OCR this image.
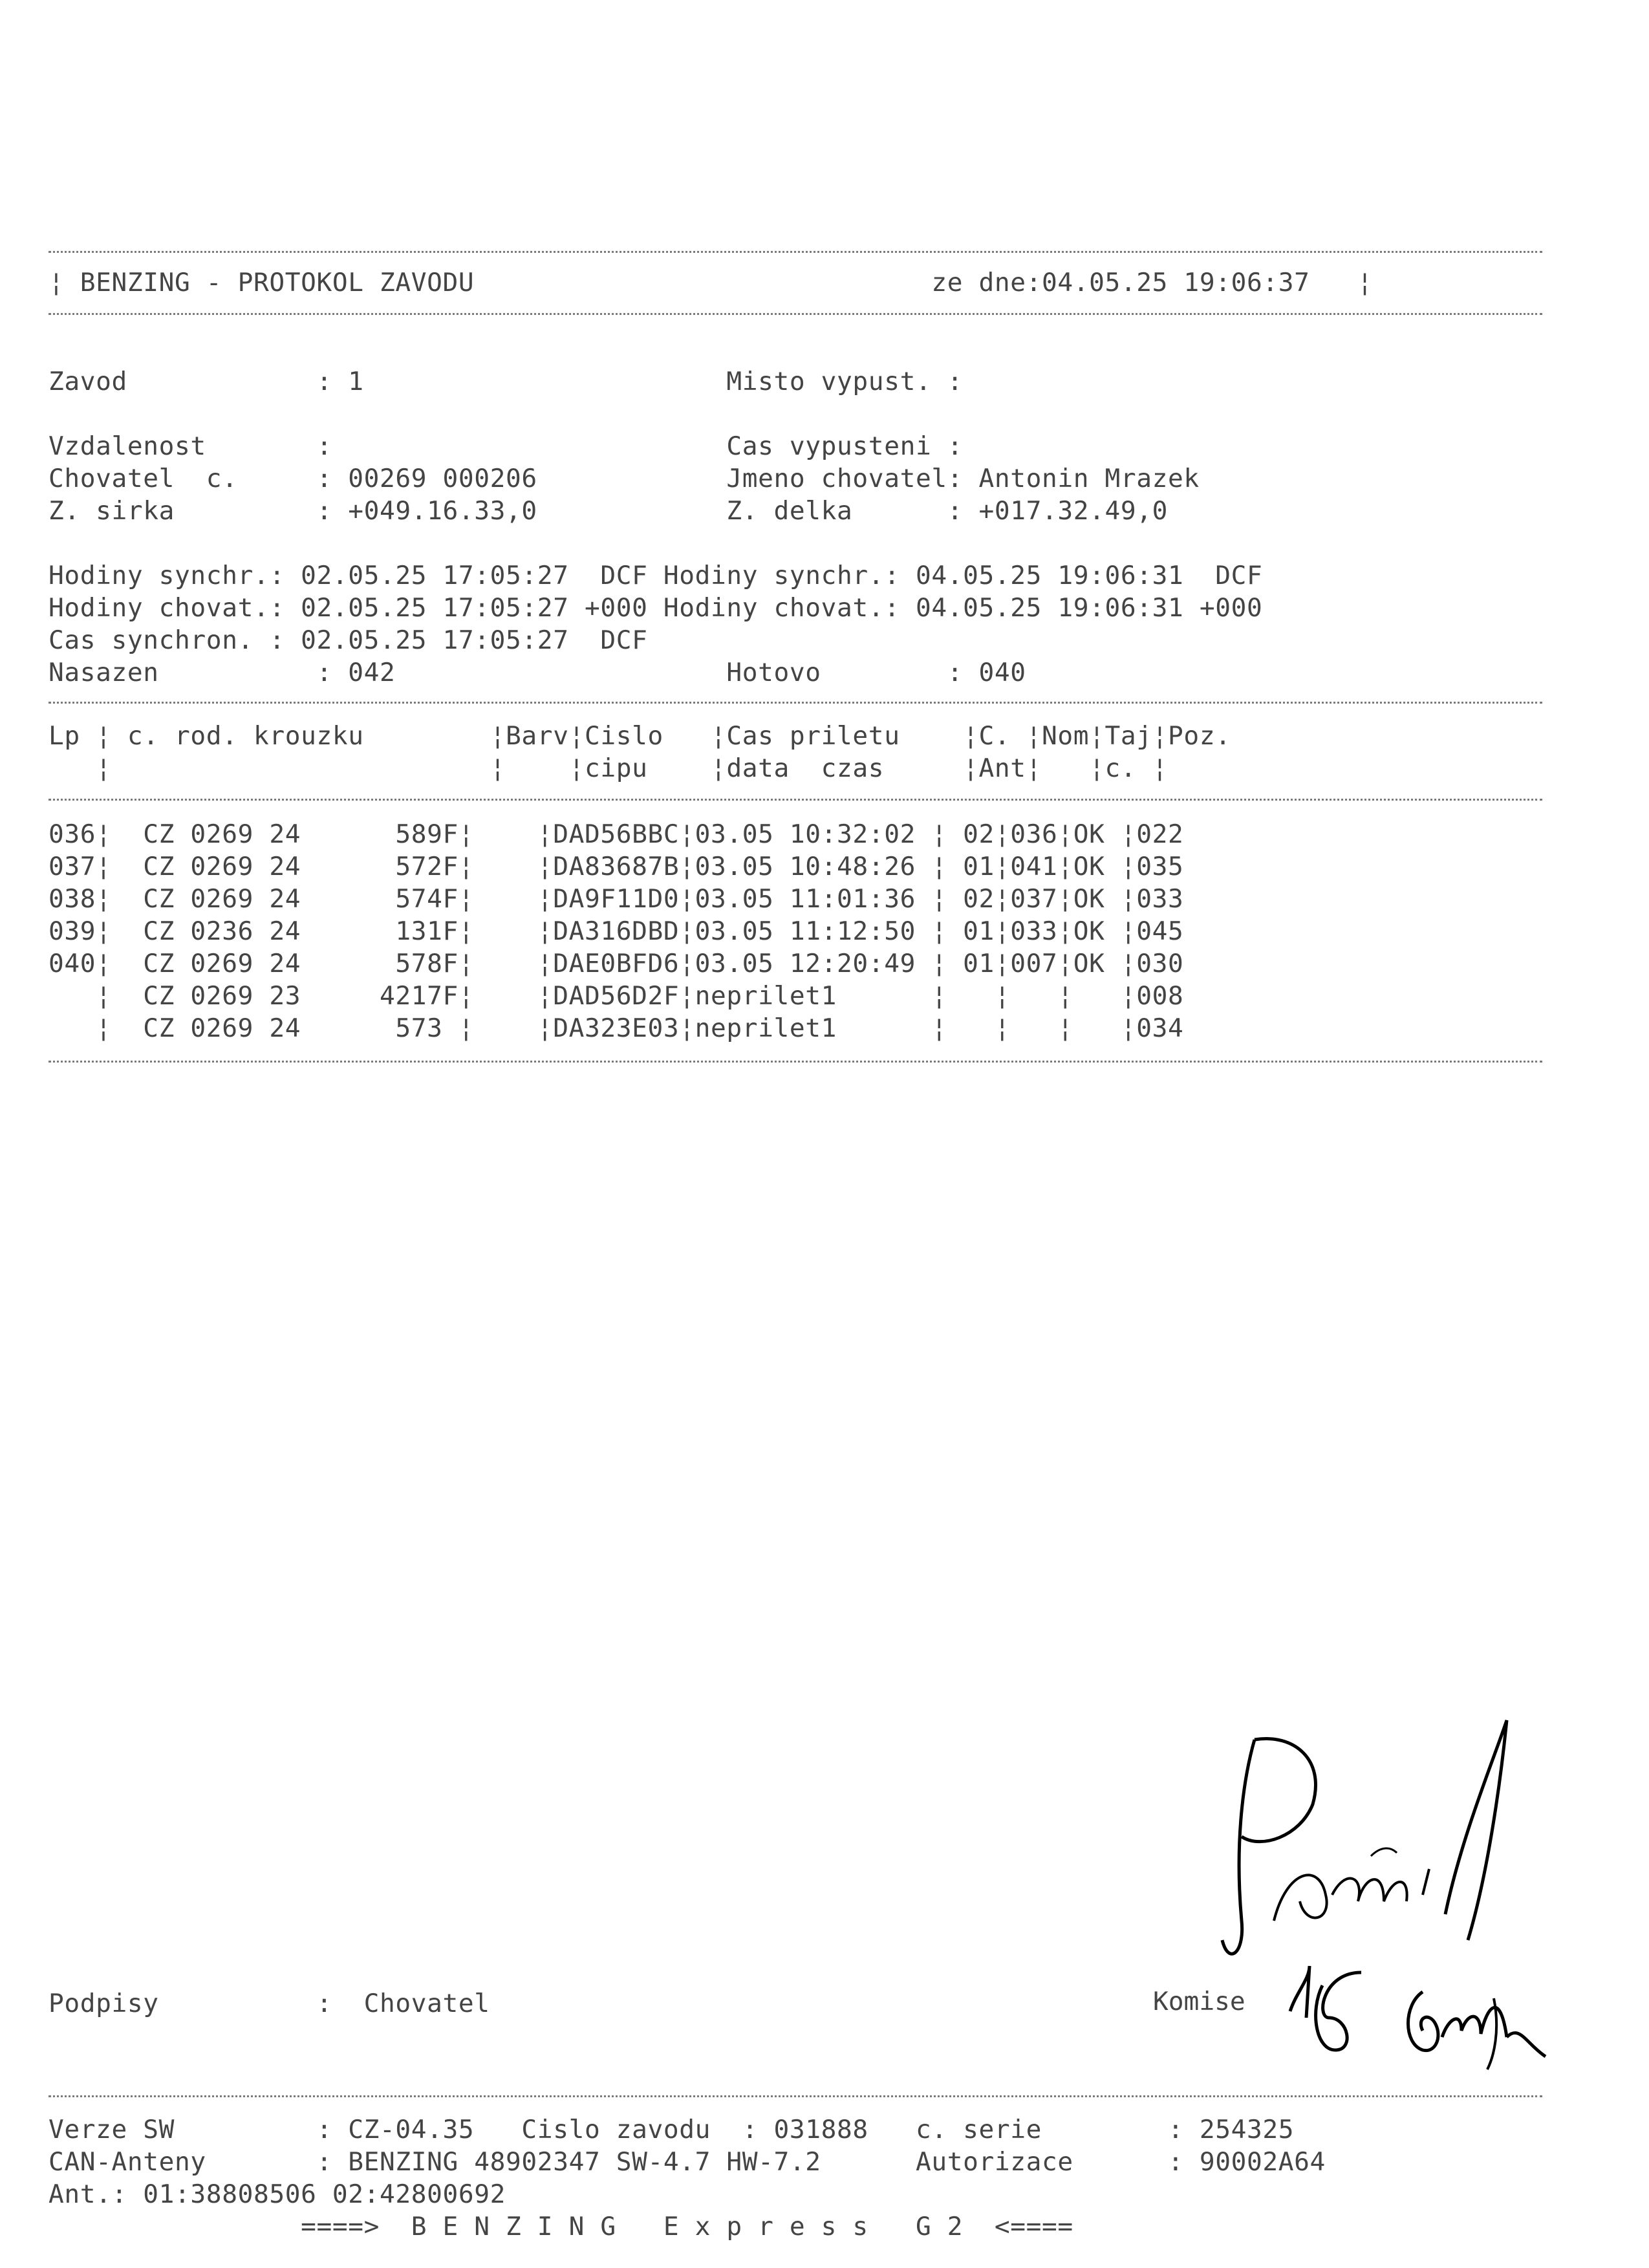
¦ BENZING - PROTOKOL ZAVODU                             ze dne:04.05.25 19:06:37   ¦
Zavod            : 1                       Misto vypust. :
Vzdalenost       :                         Cas vypusteni :
Chovatel  c.     : 00269 000206            Jmeno chovatel: Antonin Mrazek
Z. sirka         : +049.16.33,0            Z. delka      : +017.32.49,0
Hodiny synchr.: 02.05.25 17:05:27  DCF Hodiny synchr.: 04.05.25 19:06:31  DCF
Hodiny chovat.: 02.05.25 17:05:27 +000 Hodiny chovat.: 04.05.25 19:06:31 +000
Cas synchron. : 02.05.25 17:05:27  DCF
Nasazen          : 042                     Hotovo        : 040
Lp ¦ c. rod. krouzku        ¦Barv¦Cislo   ¦Cas priletu    ¦C. ¦Nom¦Taj¦Poz.
¦                        ¦    ¦cipu    ¦data  czas     ¦Ant¦   ¦c. ¦
036¦  CZ 0269 24      589F¦    ¦DAD56BBC¦03.05 10:32:02 ¦ 02¦036¦OK ¦022
037¦  CZ 0269 24      572F¦    ¦DA83687B¦03.05 10:48:26 ¦ 01¦041¦OK ¦035
038¦  CZ 0269 24      574F¦    ¦DA9F11D0¦03.05 11:01:36 ¦ 02¦037¦OK ¦033
039¦  CZ 0236 24      131F¦    ¦DA316DBD¦03.05 11:12:50 ¦ 01¦033¦OK ¦045
040¦  CZ 0269 24      578F¦    ¦DAE0BFD6¦03.05 12:20:49 ¦ 01¦007¦OK ¦030
¦  CZ 0269 23     4217F¦    ¦DAD56D2F¦neprilet1      ¦   ¦   ¦   ¦008
¦  CZ 0269 24      573 ¦    ¦DA323E03¦neprilet1      ¦   ¦   ¦   ¦034
Podpisy          :  Chovatel	Komise
Verze SW         : CZ-04.35   Cislo zavodu  : 031888   c. serie        : 254325
CAN-Anteny       : BENZING 48902347 SW-4.7 HW-7.2      Autorizace      : 90002A64
Ant.: 01:38808506 02:42800692
====>  B E N Z I N G   E x p r e s s   G 2  <====
